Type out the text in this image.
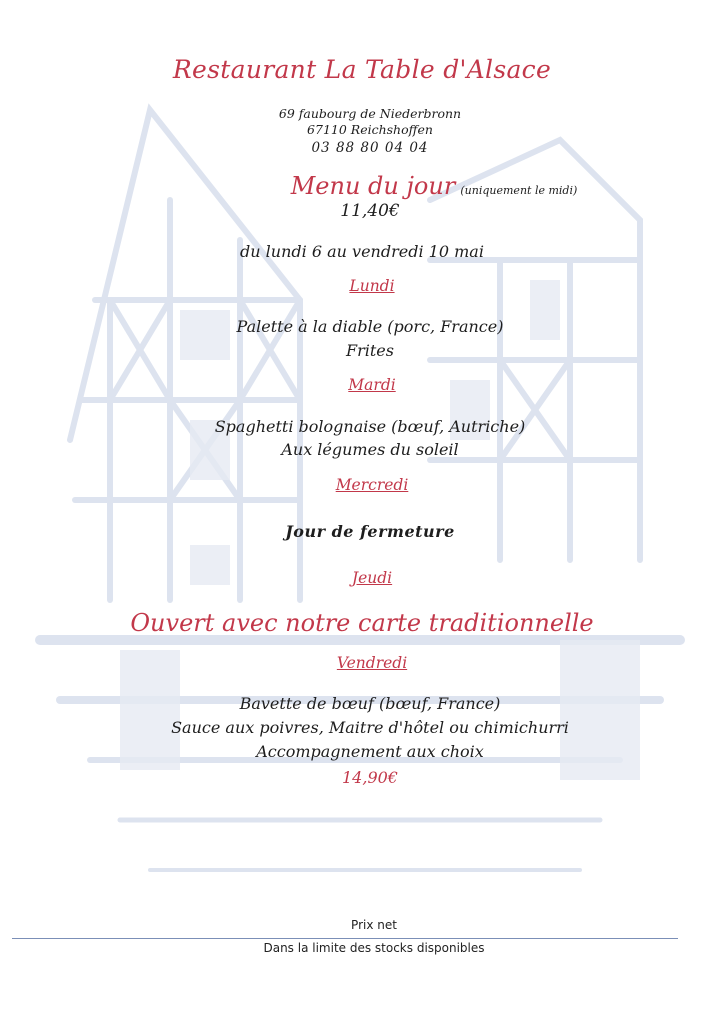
Restaurant La Table d'Alsace
69 faubourg de Niederbronn
67110 Reichshoffen
03 88 80 04 04
Menu du jour (uniquement le midi)
11,40€
du lundi 6 au vendredi 10 mai
Lundi
Palette à la diable (porc, France)
Frites
Mardi
Spaghetti bolognaise (bœuf, Autriche)
Aux légumes du soleil
Mercredi
Jour de fermeture
Jeudi
Ouvert avec notre carte traditionnelle
Vendredi
Bavette de bœuf (bœuf, France)
Sauce aux poivres, Maitre d'hôtel ou chimichurri
Accompagnement aux choix
14,90€
Prix net
Dans la limite des stocks disponibles
